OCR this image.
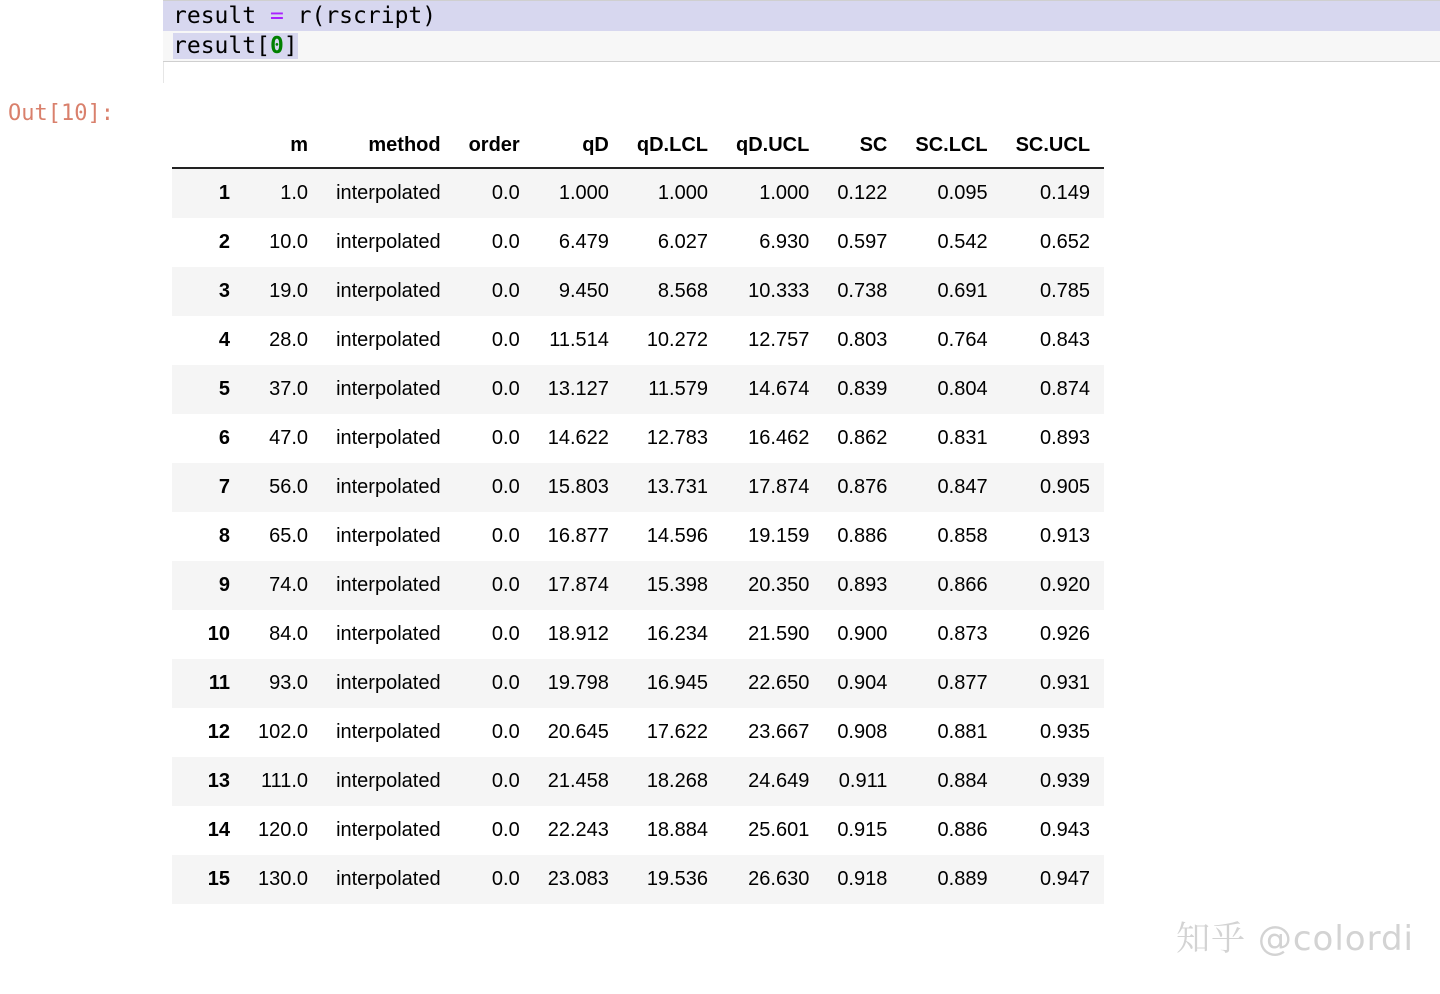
result = r(rscript)
result[0]
Out[10]:
	m	method	order	qD	qD.LCL	qD.UCL	SC	SC.LCL	SC.UCL
1	1.0	interpolated	0.0	1.000	1.000	1.000	0.122	0.095	0.149
2	10.0	interpolated	0.0	6.479	6.027	6.930	0.597	0.542	0.652
3	19.0	interpolated	0.0	9.450	8.568	10.333	0.738	0.691	0.785
4	28.0	interpolated	0.0	11.514	10.272	12.757	0.803	0.764	0.843
5	37.0	interpolated	0.0	13.127	11.579	14.674	0.839	0.804	0.874
6	47.0	interpolated	0.0	14.622	12.783	16.462	0.862	0.831	0.893
7	56.0	interpolated	0.0	15.803	13.731	17.874	0.876	0.847	0.905
8	65.0	interpolated	0.0	16.877	14.596	19.159	0.886	0.858	0.913
9	74.0	interpolated	0.0	17.874	15.398	20.350	0.893	0.866	0.920
10	84.0	interpolated	0.0	18.912	16.234	21.590	0.900	0.873	0.926
11	93.0	interpolated	0.0	19.798	16.945	22.650	0.904	0.877	0.931
12	102.0	interpolated	0.0	20.645	17.622	23.667	0.908	0.881	0.935
13	111.0	interpolated	0.0	21.458	18.268	24.649	0.911	0.884	0.939
14	120.0	interpolated	0.0	22.243	18.884	25.601	0.915	0.886	0.943
15	130.0	interpolated	0.0	23.083	19.536	26.630	0.918	0.889	0.947
知乎 @colordi
